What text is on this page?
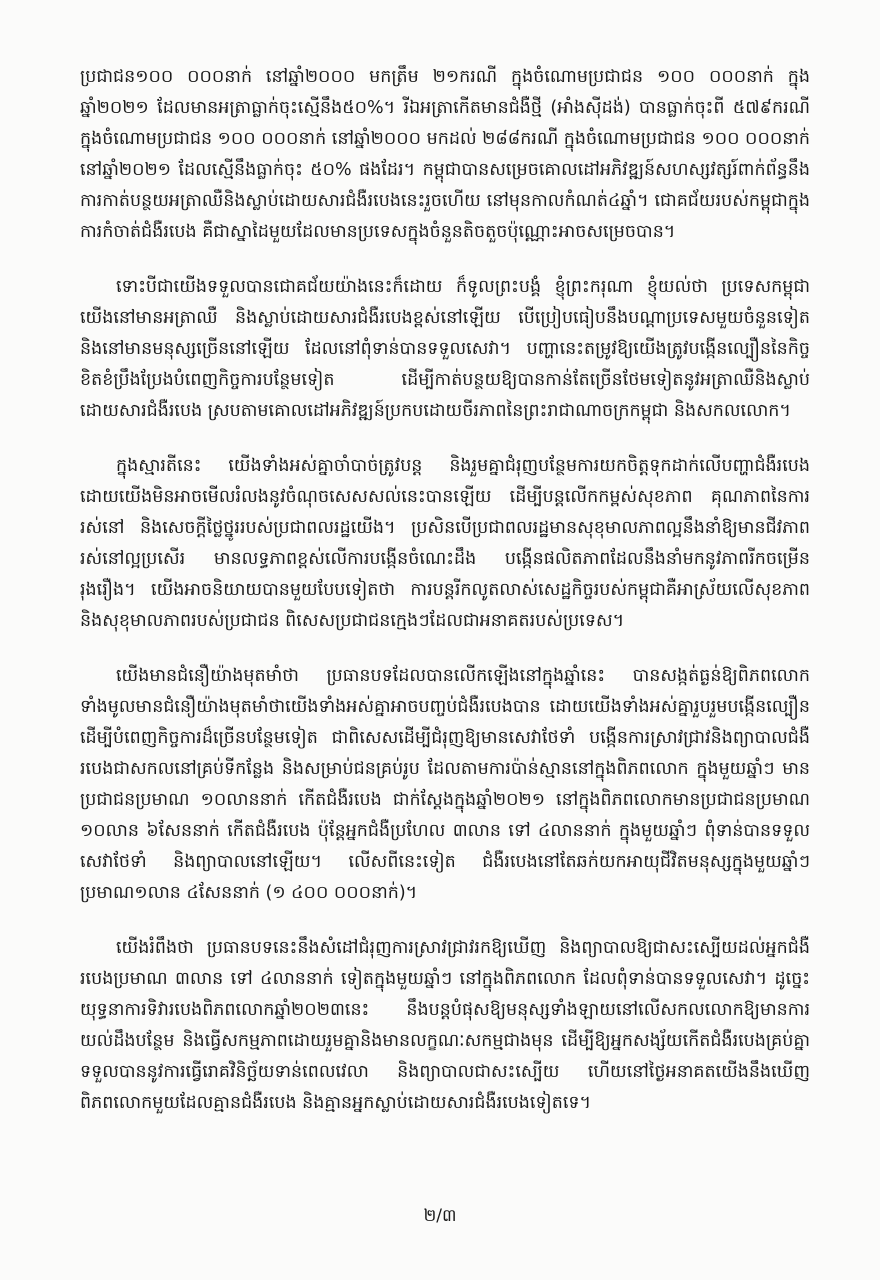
ប្រជាជន១០០ ០០០នាក់ នៅឆ្នាំ២០០០ មកត្រឹម ២១ករណី ក្នុងចំណោមប្រជាជន ១០០ ០០០នាក់ ក្នុងឆ្នាំ២០២១ ដែលមានអត្រាធ្លាក់ចុះស្មើនឹង៥០%។ រីឯអត្រាកើតមានជំងឺថ្មី (អាំងស៊ីដង់) បានធ្លាក់ចុះពី ៥៧៩ករណី ក្នុងចំណោមប្រជាជន ១០០ ០០០នាក់ នៅឆ្នាំ២០០០ មកដល់ ២៨៨ករណី ក្នុងចំណោមប្រជាជន ១០០ ០០០នាក់ នៅឆ្នាំ២០២១ ដែលស្មើនឹងធ្លាក់ចុះ ៥០% ផងដែរ។ កម្ពុជាបានសម្រេចគោលដៅអភិវឌ្ឍន៍សហស្សវត្សរ៍ពាក់ព័ន្ធនឹងការកាត់បន្ថយអត្រាឈឺនិងស្លាប់ដោយសារជំងឺរបេងនេះរួចហើយ នៅមុនកាលកំណត់៤ឆ្នាំ។ ជោគជ័យរបស់កម្ពុជាក្នុងការកំចាត់ជំងឺរបេង គឺជាស្នាដៃមួយដែលមានប្រទេសក្នុងចំនួនតិចតួចប៉ុណ្ណោះអាចសម្រេចបាន។

ទោះបីជាយើងទទួលបានជោគជ័យយ៉ាងនេះក៏ដោយ ក៏ទូលព្រះបង្គំ ខ្ញុំព្រះករុណា ខ្ញុំយល់ថា ប្រទេសកម្ពុជាយើងនៅមានអត្រាឈឺ និងស្លាប់ដោយសារជំងឺរបេងខ្ពស់នៅឡើយ បើប្រៀបធៀបនឹងបណ្តាប្រទេសមួយចំនួនទៀត និងនៅមានមនុស្សច្រើននៅឡើយ ដែលនៅពុំទាន់បានទទួលសេវា។ បញ្ហានេះតម្រូវឱ្យយើងត្រូវបង្កើនល្បឿននៃកិច្ចខិតខំប្រឹងប្រែងបំពេញកិច្ចការបន្ថែមទៀត ដើម្បីកាត់បន្ថយឱ្យបានកាន់តែច្រើនថែមទៀតនូវអត្រាឈឺនិងស្លាប់ដោយសារជំងឺរបេង ស្របតាមគោលដៅអភិវឌ្ឍន៍ប្រកបដោយចីរភាពនៃព្រះរាជាណាចក្រកម្ពុជា និងសកលលោក។

ក្នុងស្មារតីនេះ យើងទាំងអស់គ្នាចាំបាច់ត្រូវបន្ត និងរួមគ្នាជំរុញបន្ថែមការយកចិត្តទុកដាក់លើបញ្ហាជំងឺរបេង ដោយយើងមិនអាចមើលរំលងនូវចំណុចសេសសល់នេះបានឡើយ ដើម្បីបន្តលើកកម្ពស់សុខភាព គុណភាពនៃការរស់នៅ និងសេចក្តីថ្លៃថ្នូររបស់ប្រជាពលរដ្ឋយើង។ ប្រសិនបើប្រជាពលរដ្ឋមានសុខុមាលភាពល្អនឹងនាំឱ្យមានជីវភាពរស់នៅល្អប្រសើរ មានលទ្ធភាពខ្ពស់លើការបង្កើនចំណេះដឹង បង្កើនផលិតភាពដែលនឹងនាំមកនូវភាពរីកចម្រើនរុងរឿង។ យើងអាចនិយាយបានមួយបែបទៀតថា ការបន្តរីកលូតលាស់សេដ្ឋកិច្ចរបស់កម្ពុជាគឺអាស្រ័យលើសុខភាព និងសុខុមាលភាពរបស់ប្រជាជន ពិសេសប្រជាជនក្មេងៗដែលជាអនាគតរបស់ប្រទេស។

យើងមានជំនឿយ៉ាងមុតមាំថា ប្រធានបទដែលបានលើកឡើងនៅក្នុងឆ្នាំនេះ បានសង្កត់ធ្ងន់ឱ្យពិភពលោកទាំងមូលមានជំនឿយ៉ាងមុតមាំថាយើងទាំងអស់គ្នាអាចបញ្ចប់ជំងឺរបេងបាន ដោយយើងទាំងអស់គ្នារួបរួមបង្កើនល្បឿនដើម្បីបំពេញកិច្ចការដ៏ច្រើនបន្ថែមទៀត ជាពិសេសដើម្បីជំរុញឱ្យមានសេវាថែទាំ បង្កើនការស្រាវជ្រាវនិងព្យាបាលជំងឺរបេងជាសកលនៅគ្រប់ទីកន្លែង និងសម្រាប់ជនគ្រប់រូប ដែលតាមការប៉ាន់ស្មាននៅក្នុងពិភពលោក ក្នុងមួយឆ្នាំៗ មានប្រជាជនប្រមាណ ១០លាននាក់ កើតជំងឺរបេង ជាក់ស្តែងក្នុងឆ្នាំ២០២១ នៅក្នុងពិភពលោកមានប្រជាជនប្រមាណ ១០លាន ៦សែននាក់ កើតជំងឺរបេង ប៉ុន្តែអ្នកជំងឺប្រហែល ៣លាន ទៅ ៤លាននាក់ ក្នុងមួយឆ្នាំៗ ពុំទាន់បានទទួលសេវាថែទាំ និងព្យាបាលនៅឡើយ។ លើសពីនេះទៀត ជំងឺរបេងនៅតែឆក់យកអាយុជីវិតមនុស្សក្នុងមួយឆ្នាំៗ ប្រមាណ១លាន ៤សែននាក់ (១ ៤០០ ០០០នាក់)។

យើងរំពឹងថា ប្រធានបទនេះនឹងសំដៅជំរុញការស្រាវជ្រាវរកឱ្យឃើញ និងព្យាបាលឱ្យជាសះស្បើយដល់អ្នកជំងឺរបេងប្រមាណ ៣លាន ទៅ ៤លាននាក់ ទៀតក្នុងមួយឆ្នាំៗ នៅក្នុងពិភពលោក ដែលពុំទាន់បានទទួលសេវា។ ដូច្នេះយុទ្ធនាការទិវារបេងពិភពលោកឆ្នាំ២០២៣នេះ នឹងបន្តបំផុសឱ្យមនុស្សទាំងឡាយនៅលើសកលលោកឱ្យមានការយល់ដឹងបន្ថែម និងធ្វើសកម្មភាពដោយរួមគ្នានិងមានលក្ខណៈសកម្មជាងមុន ដើម្បីឱ្យអ្នកសង្ស័យកើតជំងឺរបេងគ្រប់គ្នាទទួលបាននូវការធ្វើរោគវិនិច្ឆ័យទាន់ពេលវេលា និងព្យាបាលជាសះស្បើយ ហើយនៅថ្ងៃអនាគតយើងនឹងឃើញពិភពលោកមួយដែលគ្មានជំងឺរបេង និងគ្មានអ្នកស្លាប់ដោយសារជំងឺរបេងទៀតទេ។

២/៣
